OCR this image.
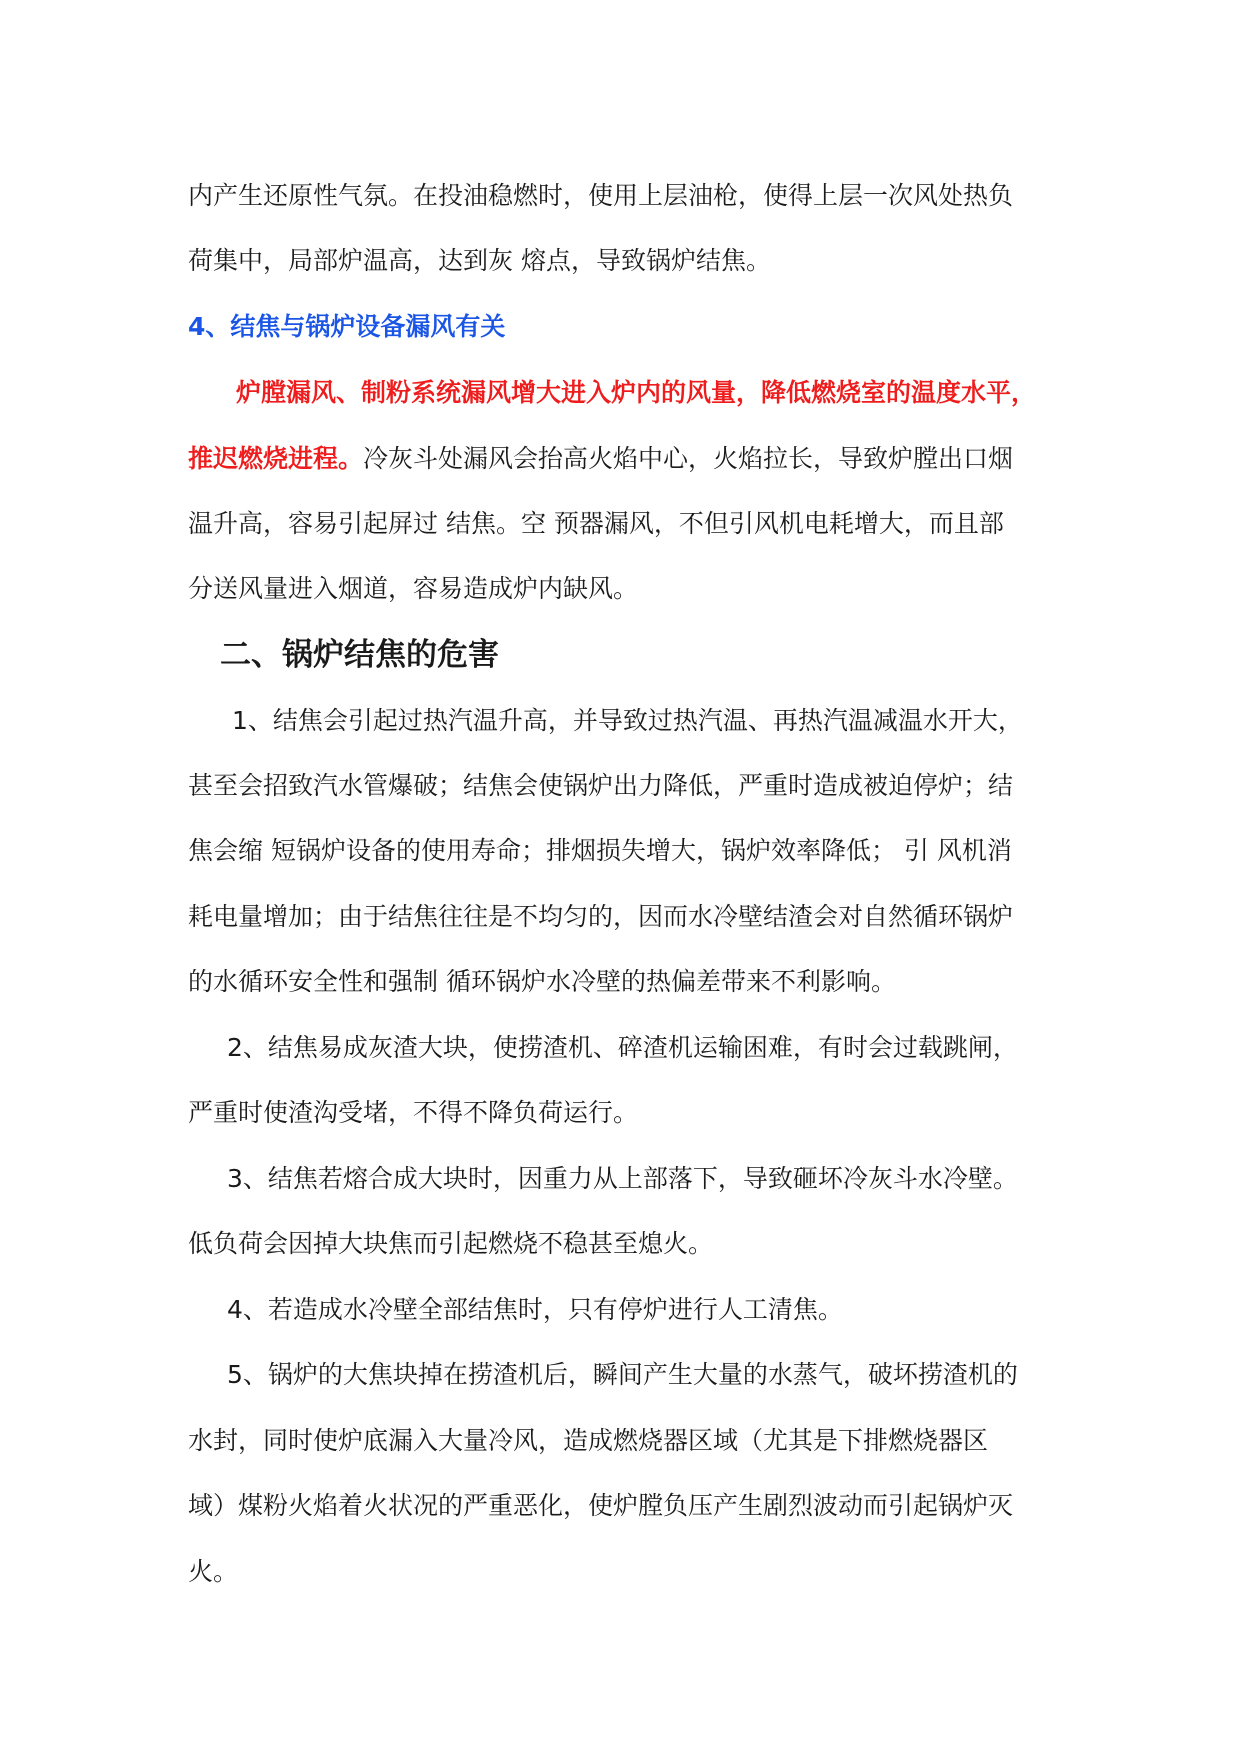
内产生还原性气氛。在投油稳燃时，使用上层油枪，使得上层一次风处热负

荷集中，局部炉温高，达到灰 熔点，导致锅炉结焦。

4、结焦与锅炉设备漏风有关

炉膛漏风、制粉系统漏风增大进入炉内的风量，降低燃烧室的温度水平，

推迟燃烧进程。冷灰斗处漏风会抬高火焰中心，火焰拉长，导致炉膛出口烟

温升高，容易引起屏过 结焦。空 预器漏风，不但引风机电耗增大，而且部

分送风量进入烟道，容易造成炉内缺风。

二、锅炉结焦的危害

1、结焦会引起过热汽温升高，并导致过热汽温、再热汽温减温水开大，

甚至会招致汽水管爆破；结焦会使锅炉出力降低，严重时造成被迫停炉；结

焦会缩 短锅炉设备的使用寿命；排烟损失增大，锅炉效率降低； 引 风机消

耗电量增加；由于结焦往往是不均匀的，因而水冷壁结渣会对自然循环锅炉

的水循环安全性和强制 循环锅炉水冷壁的热偏差带来不利影响。

2、结焦易成灰渣大块，使捞渣机、碎渣机运输困难，有时会过载跳闸，

严重时使渣沟受堵，不得不降负荷运行。

3、结焦若熔合成大块时，因重力从上部落下，导致砸坏冷灰斗水冷壁。

低负荷会因掉大块焦而引起燃烧不稳甚至熄火。

4、若造成水冷壁全部结焦时，只有停炉进行人工清焦。

5、锅炉的大焦块掉在捞渣机后，瞬间产生大量的水蒸气，破坏捞渣机的

水封，同时使炉底漏入大量冷风，造成燃烧器区域（尤其是下排燃烧器区

域）煤粉火焰着火状况的严重恶化，使炉膛负压产生剧烈波动而引起锅炉灭

火。
